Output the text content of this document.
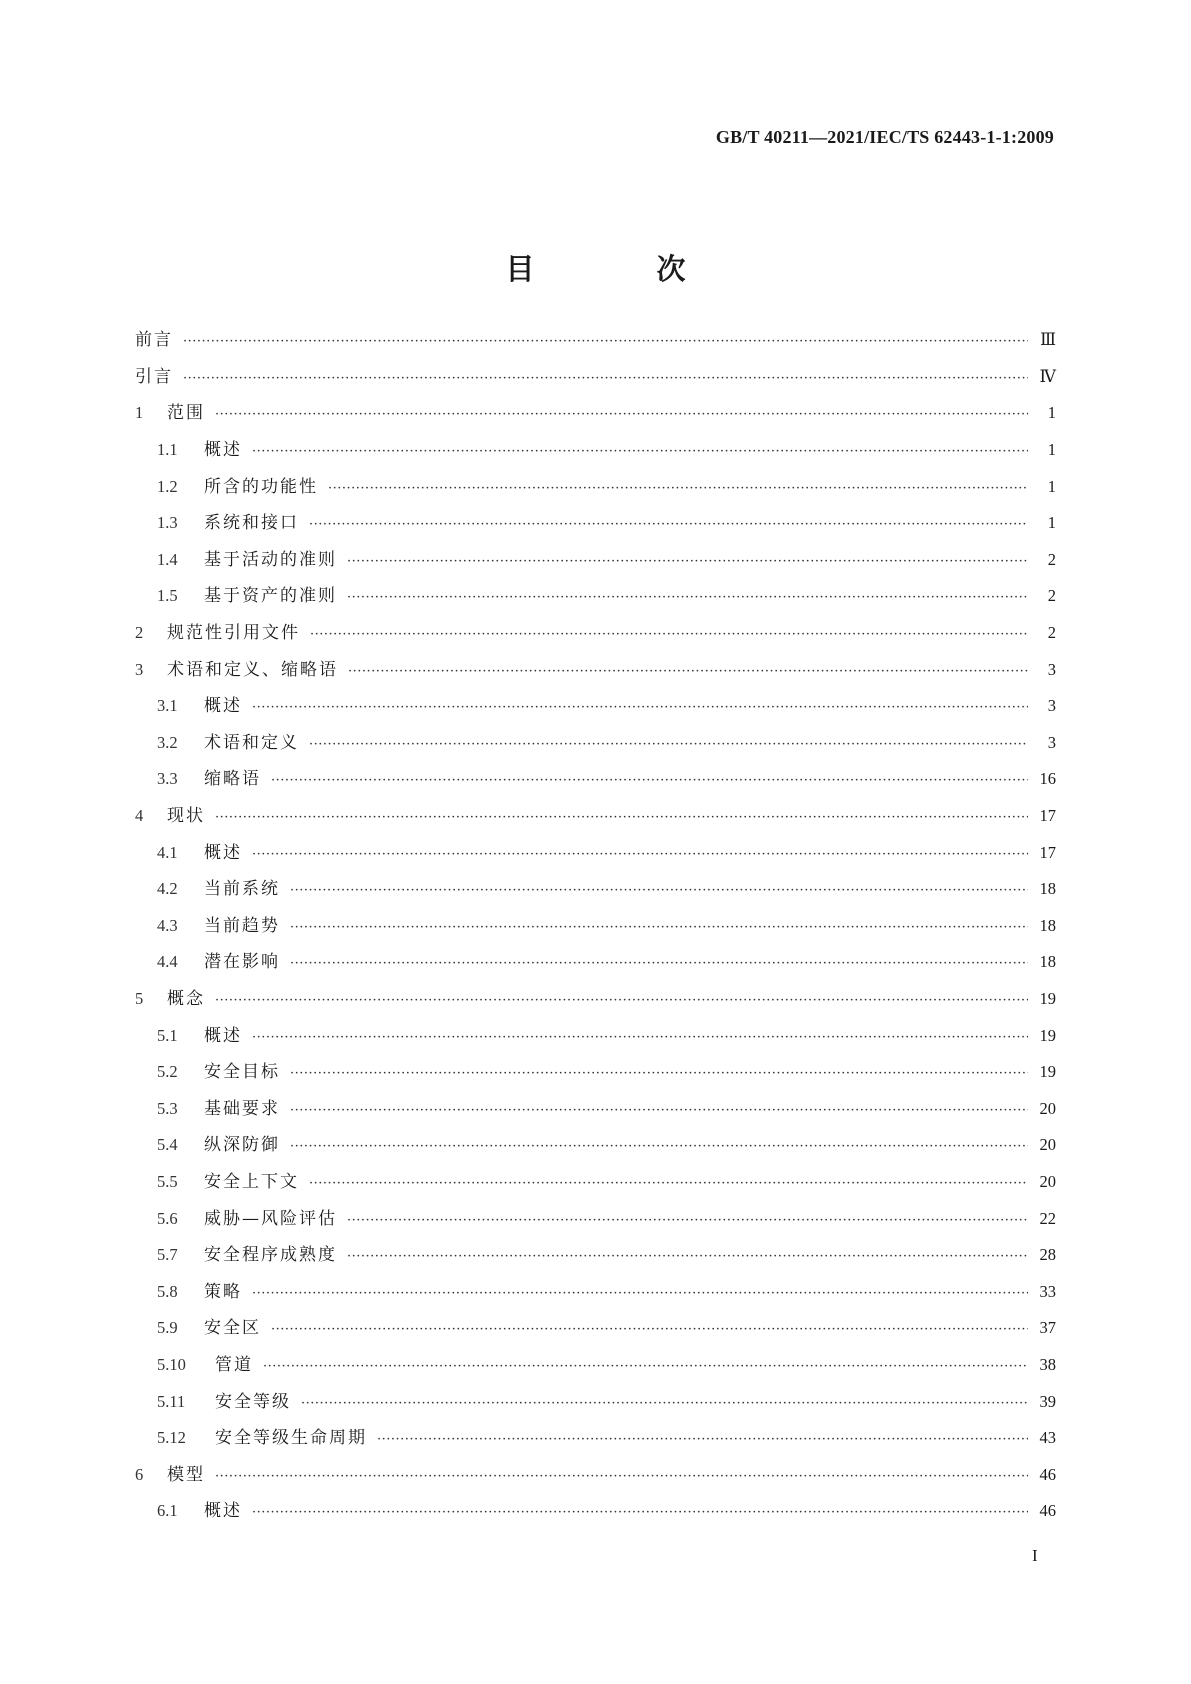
GB/T 40211—2021/IEC/TS 62443-1-1:2009
目 次
前言 ·····	Ⅲ
引言 ·····	Ⅳ
1	范围 ·····	1
1.1	概述 ·····	1
1.2	所含的功能性 ·····	1
1.3	系统和接口 ·····	1
1.4	基于活动的准则 ·····	2
1.5	基于资产的准则 ·····	2
2	规范性引用文件 ·····	2
3	术语和定义、缩略语 ·····	3
3.1	概述 ·····	3
3.2	术语和定义 ·····	3
3.3	缩略语 ·····	16
4	现状 ·····	17
4.1	概述 ·····	17
4.2	当前系统 ·····	18
4.3	当前趋势 ·····	18
4.4	潜在影响 ·····	18
5	概念 ·····	19
5.1	概述 ·····	19
5.2	安全目标 ·····	19
5.3	基础要求 ·····	20
5.4	纵深防御 ·····	20
5.5	安全上下文 ·····	20
5.6	威胁—风险评估 ·····	22
5.7	安全程序成熟度 ·····	28
5.8	策略 ·····	33
5.9	安全区 ·····	37
5.10	管道 ·····	38
5.11	安全等级 ·····	39
5.12	安全等级生命周期 ·····	43
6	模型 ·····	46
6.1	概述 ·····	46
I
